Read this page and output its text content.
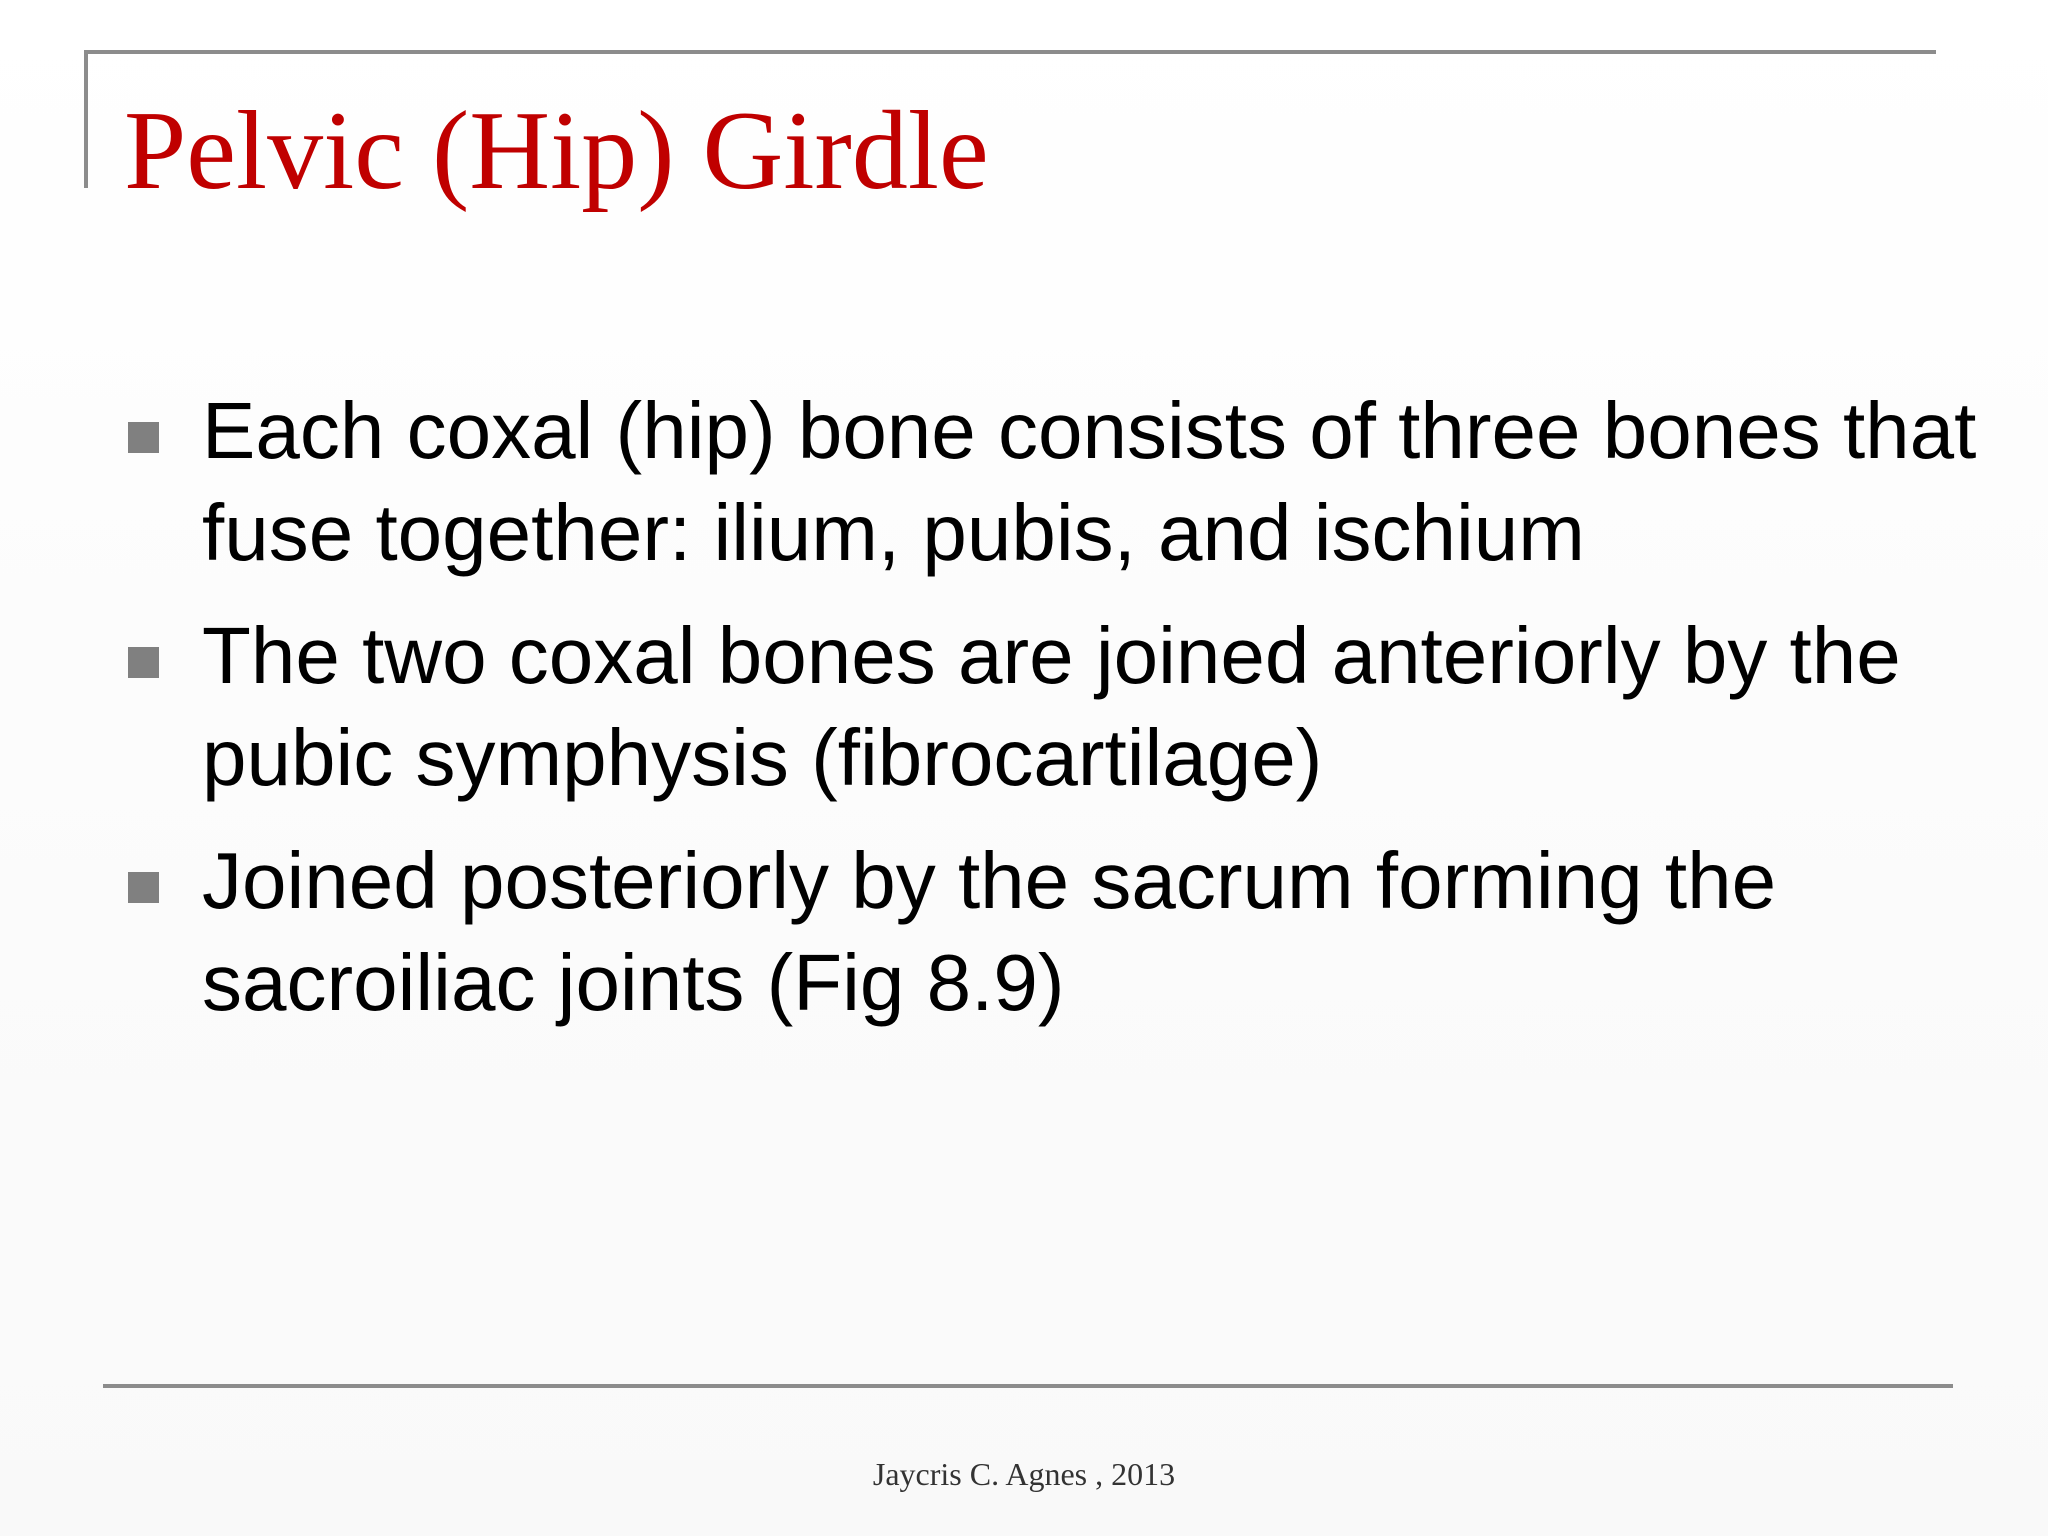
Pelvic (Hip) Girdle
Each coxal (hip) bone consists of three bones that fuse together: ilium, pubis, and ischium
The two coxal bones are joined anteriorly by the pubic symphysis (fibrocartilage)
Joined posteriorly by the sacrum forming the sacroiliac joints (Fig 8.9)
Jaycris C. Agnes , 2013
